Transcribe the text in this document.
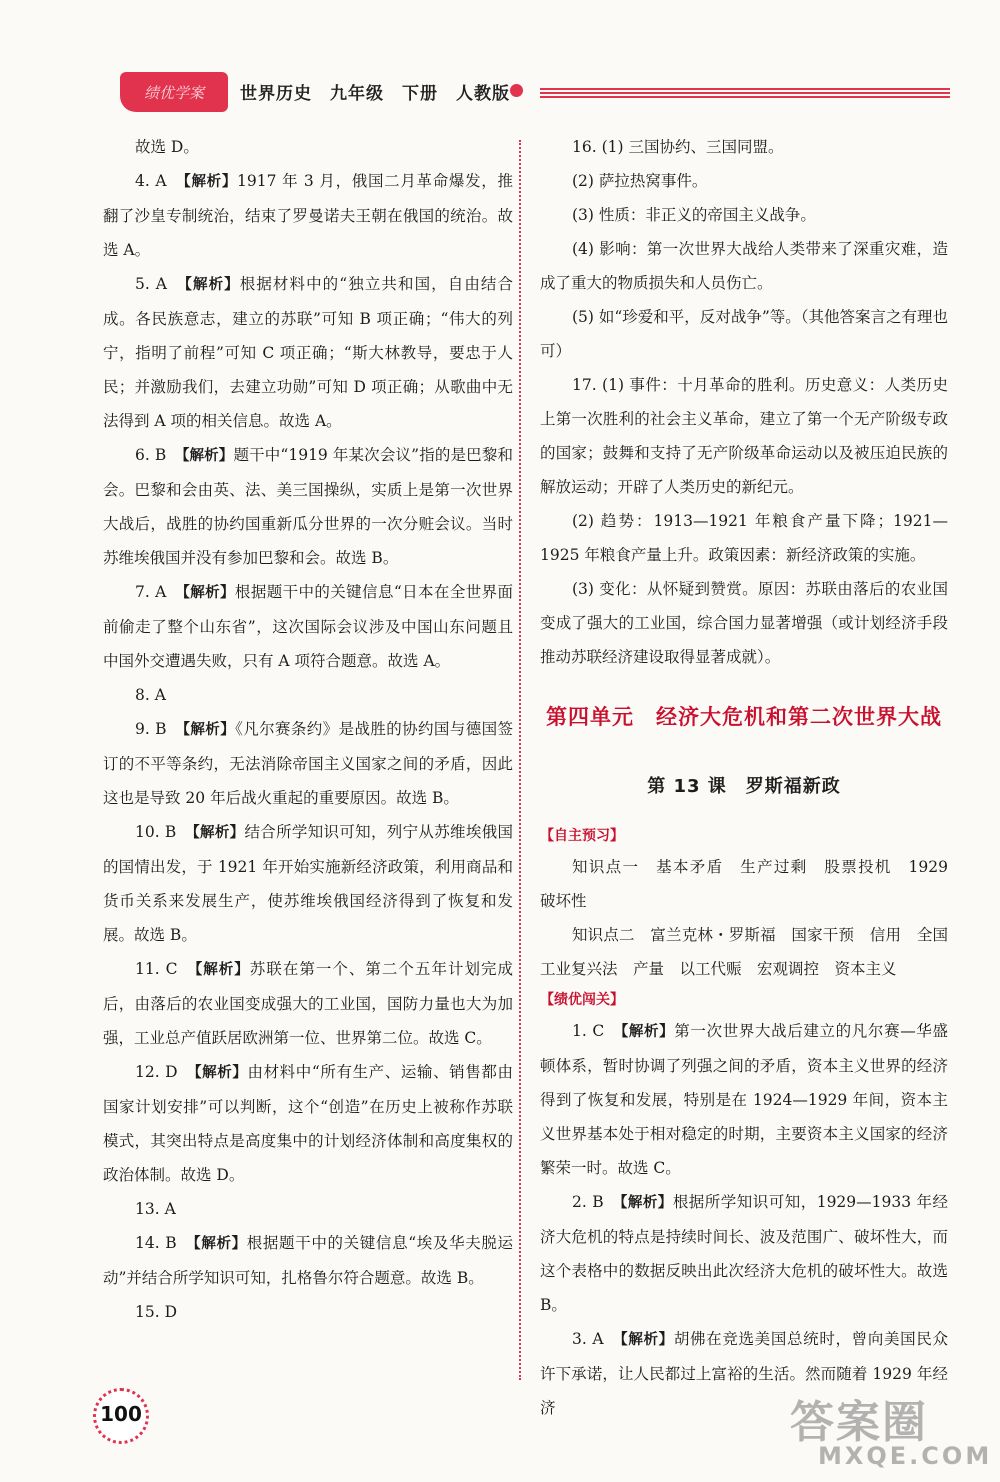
绩优学案	世界历史　九年级　下册　人教版

故选 D。

4. A　 【解析】1917 年 3 月，俄国二月革命爆发，推翻了沙皇专制统治，结束了罗曼诺夫王朝在俄国的统治。故选 A。

5. A　 【解析】根据材料中的“独立共和国，自由结合成。各民族意志，建立的苏联”可知 B 项正确；“伟大的列宁，指明了前程”可知 C 项正确；“斯大林教导，要忠于人民；并激励我们，去建立功勋”可知 D 项正确；从歌曲中无法得到 A 项的相关信息。故选 A。

6. B　 【解析】题干中“1919 年某次会议”指的是巴黎和会。巴黎和会由英、法、美三国操纵，实质上是第一次世界大战后，战胜的协约国重新瓜分世界的一次分赃会议。当时苏维埃俄国并没有参加巴黎和会。故选 B。

7. A　 【解析】根据题干中的关键信息“日本在全世界面前偷走了整个山东省”，这次国际会议涉及中国山东问题且中国外交遭遇失败，只有 A 项符合题意。故选 A。

8. A　

9. B　 【解析】《凡尔赛条约》是战胜的协约国与德国签订的不平等条约，无法消除帝国主义国家之间的矛盾，因此这也是导致 20 年后战火重起的重要原因。故选 B。

10. B　 【解析】结合所学知识可知，列宁从苏维埃俄国的国情出发，于 1921 年开始实施新经济政策，利用商品和货币关系来发展生产，使苏维埃俄国经济得到了恢复和发展。故选 B。

11. C　 【解析】苏联在第一个、第二个五年计划完成后，由落后的农业国变成强大的工业国，国防力量也大为加强，工业总产值跃居欧洲第一位、世界第二位。故选 C。

12. D　 【解析】由材料中“所有生产、运输、销售都由国家计划安排”可以判断，这个“创造”在历史上被称作苏联模式，其突出特点是高度集中的计划经济体制和高度集权的政治体制。故选 D。

13. A　

14. B　 【解析】根据题干中的关键信息“埃及华夫脱运动”并结合所学知识可知，扎格鲁尔符合题意。故选 B。

15. D　

16. (1) 三国协约、三国同盟。

(2) 萨拉热窝事件。

(3) 性质：非正义的帝国主义战争。

(4) 影响：第一次世界大战给人类带来了深重灾难，造成了重大的物质损失和人员伤亡。

(5) 如“珍爱和平，反对战争”等。（其他答案言之有理也可）

17. (1) 事件：十月革命的胜利。历史意义：人类历史上第一次胜利的社会主义革命，建立了第一个无产阶级专政的国家；鼓舞和支持了无产阶级革命运动以及被压迫民族的解放运动；开辟了人类历史的新纪元。

(2) 趋势：1913—1921 年粮食产量下降；1921—1925 年粮食产量上升。政策因素：新经济政策的实施。

(3) 变化：从怀疑到赞赏。原因：苏联由落后的农业国变成了强大的工业国，综合国力显著增强（或计划经济手段推动苏联经济建设取得显著成就）。

第四单元　经济大危机和第二次世界大战
第 13 课　罗斯福新政
【自主预习】

知识点一　基本矛盾　生产过剩　股票投机　1929　破坏性

知识点二　富兰克林・罗斯福　国家干预　信用　全国工业复兴法　产量　以工代赈　宏观调控　资本主义

【绩优闯关】

1. C　 【解析】第一次世界大战后建立的凡尔赛—华盛顿体系，暂时协调了列强之间的矛盾，资本主义世界的经济得到了恢复和发展，特别是在 1924—1929 年间，资本主义世界基本处于相对稳定的时期，主要资本主义国家的经济繁荣一时。故选 C。

2. B　 【解析】根据所学知识可知，1929—1933 年经济大危机的特点是持续时间长、波及范围广、破坏性大，而这个表格中的数据反映出此次经济大危机的破坏性大。故选 B。

3. A　 【解析】胡佛在竞选美国总统时，曾向美国民众许下承诺，让人民都过上富裕的生活。然而随着 1929 年经济

100	答案圈
MXQE.COM
